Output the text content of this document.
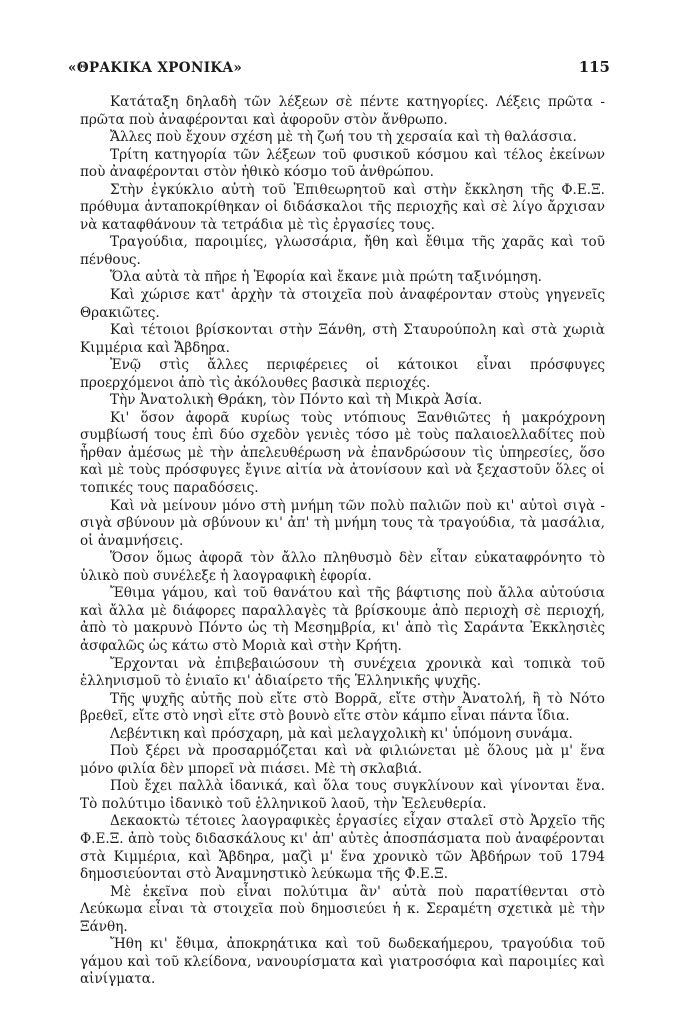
«ΘΡΑΚΙΚΑ ΧΡΟΝΙΚΑ»	115

Κατάταξη δηλαδὴ τῶν λέξεων σὲ πέντε κατηγορίες. Λέξεις πρῶτα - πρῶτα ποὺ ἀναφέρονται καὶ ἀφοροῦν στὸν ἄνθρωπο.

Ἄλλες ποὺ ἔχουν σχέση μὲ τὴ ζωή του τὴ χερσαία καὶ τὴ θαλάσσια.

Τρίτη κατηγορία τῶν λέξεων τοῦ φυσικοῦ κόσμου καὶ τέλος ἐκείνων ποὺ ἀναφέρονται στὸν ἠθικὸ κόσμο τοῦ ἀνθρώπου.

Στὴν ἐγκύκλιο αὐτὴ τοῦ Ἐπιθεωρητοῦ καὶ στὴν ἔκκληση τῆς Φ.Ε.Ξ. πρόθυμα ἀνταποκρίθηκαν οἱ διδάσκαλοι τῆς περιοχῆς καὶ σὲ λίγο ἄρχισαν νὰ καταφθάνουν τὰ τετράδια μὲ τὶς ἐργασίες τους.

Τραγούδια, παροιμίες, γλωσσάρια, ἤθη καὶ ἔθιμα τῆς χαρᾶς καὶ τοῦ πένθους.

Ὅλα αὐτὰ τὰ πῆρε ἡ Ἐφορία καὶ ἔκανε μιὰ πρώτη ταξινόμηση.

Καὶ χώρισε κατ' ἀρχὴν τὰ στοιχεῖα ποὺ ἀναφέρονταν στοὺς γηγενεῖς Θρακιῶτες.

Καὶ τέτοιοι βρίσκονται στὴν Ξάνθη, στὴ Σταυρούπολη καὶ στὰ χωριὰ Κιμμέρια καὶ Ἄβδηρα.

Ἐνῷ στὶς ἄλλες περιφέρειες οἱ κάτοικοι εἶναι πρόσφυγες προερχόμενοι ἀπὸ τὶς ἀκόλουθες βασικὰ περιοχές.

Τὴν Ἀνατολικὴ Θράκη, τὸν Πόντο καὶ τὴ Μικρὰ Ἀσία.

Κι' ὅσον ἀφορᾶ κυρίως τοὺς ντόπιους Ξανθιῶτες ἡ μακρόχρονη συμβίωσή τους ἐπὶ δύο σχεδὸν γενιὲς τόσο μὲ τοὺς παλαιοελλαδίτες ποὺ ἦρθαν ἀμέσως μὲ τὴν ἀπελευθέρωση νὰ ἐπανδρώσουν τὶς ὑπηρεσίες, ὅσο καὶ μὲ τοὺς πρόσφυγες ἔγινε αἰτία νὰ ἀτονίσουν καὶ νὰ ξεχαστοῦν ὅλες οἱ τοπικές τους παραδόσεις.

Καὶ νὰ μείνουν μόνο στὴ μνήμη τῶν πολὺ παλιῶν ποὺ κι' αὐτοὶ σιγὰ - σιγὰ σβύνουν μὰ σβύνουν κι' ἀπ' τὴ μνήμη τους τὰ τραγούδια, τὰ μασάλια, οἱ ἀναμνήσεις.

Ὅσον ὅμως ἀφορᾶ τὸν ἄλλο πληθυσμὸ δὲν εἶταν εὐκαταφρόνητο τὸ ὑλικὸ ποὺ συνέλεξε ἡ λαογραφικὴ ἐφορία.

Ἔθιμα γάμου, καὶ τοῦ θανάτου καὶ τῆς βάφτισης ποὺ ἄλλα αὐτούσια καὶ ἄλλα μὲ διάφορες παραλλαγὲς τὰ βρίσκουμε ἀπὸ περιοχὴ σὲ περιοχή, ἀπὸ τὸ μακρυνὸ Πόντο ὡς τὴ Μεσημβρία, κι' ἀπὸ τὶς Σαράντα Ἐκκλησιὲς ἀσφαλῶς ὡς κάτω στὸ Μοριὰ καὶ στὴν Κρήτη.

Ἔρχονται νὰ ἐπιβεβαιώσουν τὴ συνέχεια χρονικὰ καὶ τοπικὰ τοῦ ἑλληνισμοῦ τὸ ἑνιαῖο κι' ἀδιαίρετο τῆς Ἑλληνικῆς ψυχῆς.

Τῆς ψυχῆς αὐτῆς ποὺ εἴτε στὸ Βορρᾶ, εἴτε στὴν Ἀνατολή, ἢ τὸ Νότο βρεθεῖ, εἴτε στὸ νησὶ εἴτε στὸ βουνὸ εἴτε στὸν κάμπο εἶναι πάντα ἴδια.

Λεβέντικη καὶ πρόσχαρη, μὰ καὶ μελαγχολικὴ κι' ὑπόμονη συνάμα.

Ποὺ ξέρει νὰ προσαρμόζεται καὶ νὰ φιλιώνεται μὲ ὅλους μὰ μ' ἕνα μόνο φιλία δὲν μπορεῖ νὰ πιάσει. Μὲ τὴ σκλαβιά.

Ποὺ ἔχει παλλὰ ἰδανικά, καὶ ὅλα τους συγκλίνουν καὶ γίνονται ἕνα. Τὸ πολύτιμο ἰδανικὸ τοῦ ἑλληνικοῦ λαοῦ, τὴν Ἐελευθερία.

Δεκαοκτὼ τέτοιες λαογραφικὲς ἐργασίες εἶχαν σταλεῖ στὸ Ἀρχεῖο τῆς Φ.Ε.Ξ. ἀπὸ τοὺς διδασκάλους κι' ἀπ' αὐτὲς ἀποσπάσματα ποὺ ἀναφέρονται στὰ Κιμμέρια, καὶ Ἄβδηρα, μαζὶ μ' ἕνα χρονικὸ τῶν Ἀβδήρων τοῦ 1794 δημοσιεύονται στὸ Ἀναμνηστικὸ λεύκωμα τῆς Φ.Ε.Ξ.

Μὲ ἐκεῖνα ποὺ εἶναι πολύτιμα ἂν' αὐτὰ ποὺ παρατίθενται στὸ Λεύκωμα εἶναι τὰ στοιχεῖα ποὺ δημοσιεύει ἡ κ. Σεραμέτη σχετικὰ μὲ τὴν Ξάνθη.

Ἤθη κι' ἔθιμα, ἀποκρηάτικα καὶ τοῦ δωδεκαήμερου, τραγούδια τοῦ γάμου καὶ τοῦ κλείδονα, νανουρίσματα καὶ γιατροσόφια καὶ παροιμίες καὶ αἰνίγματα.
